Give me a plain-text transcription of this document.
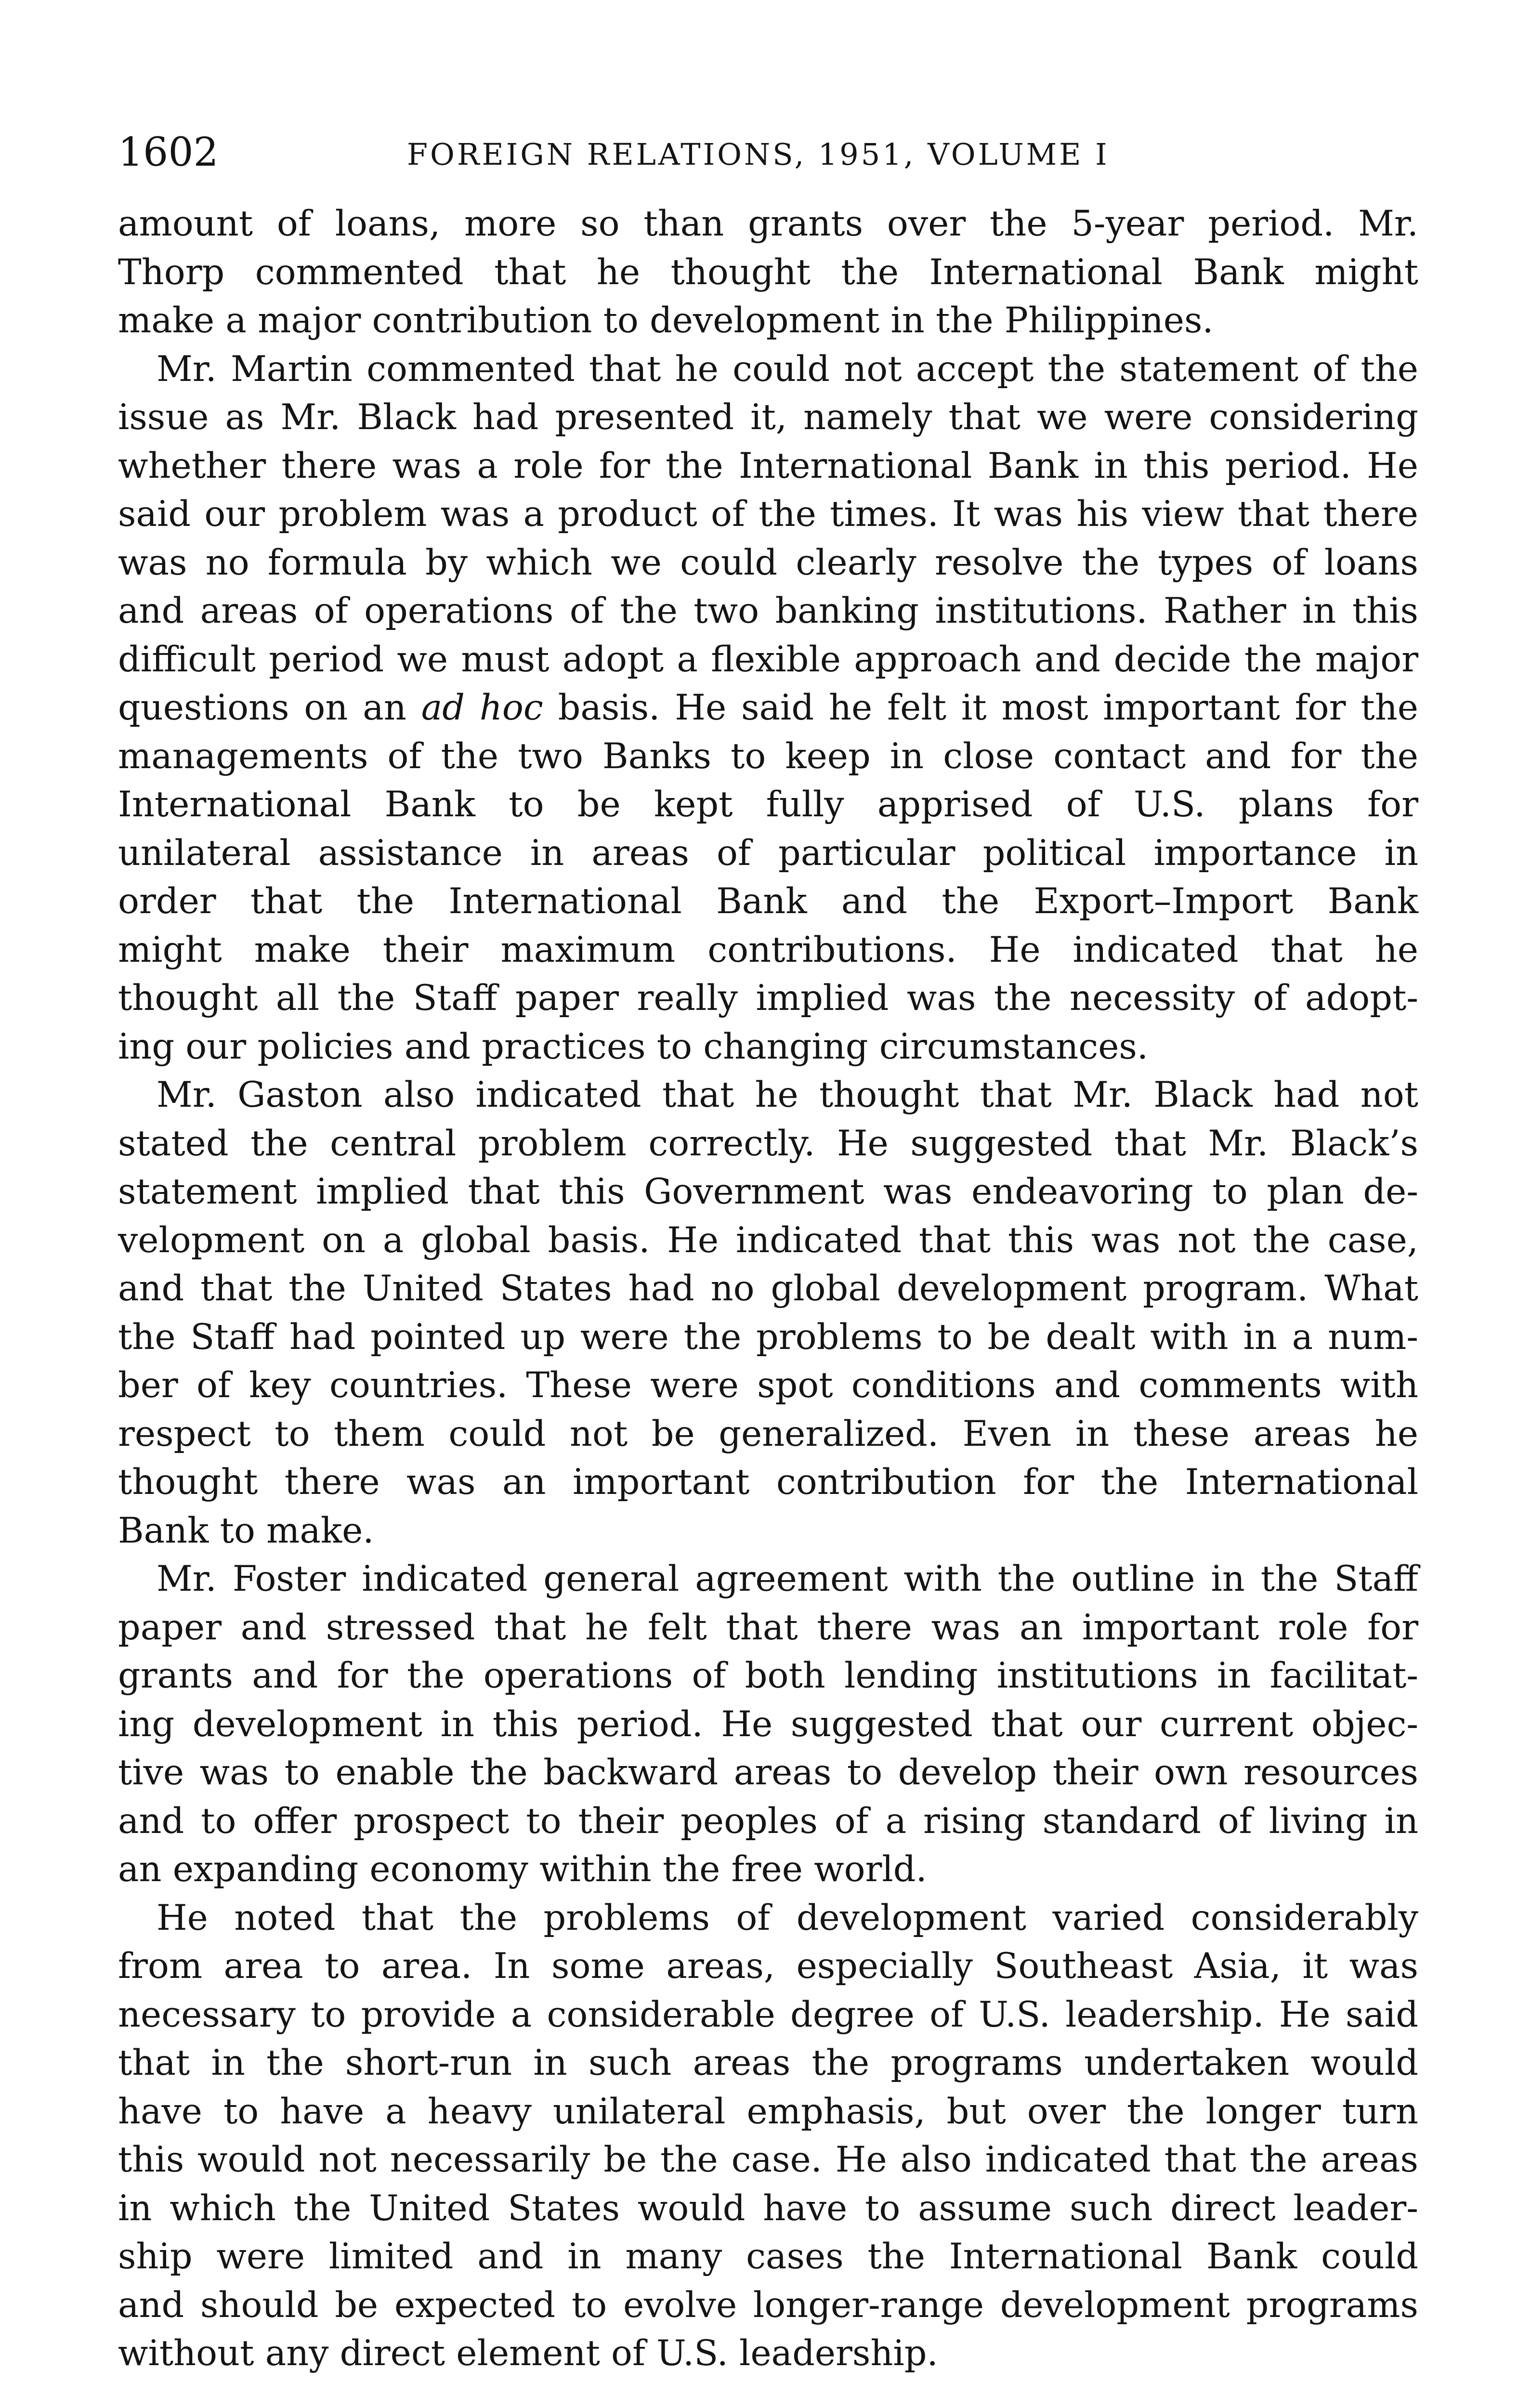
1602	FOREIGN RELATIONS, 1951, VOLUME I

amount of loans, more so than grants over the 5-year period. Mr.
Thorp commented that he thought the International Bank might
make a major contribution to development in the Philippines.

Mr. Martin commented that he could not accept the statement of the
issue as Mr. Black had presented it, namely that we were considering
whether there was a role for the International Bank in this period. He
said our problem was a product of the times. It was his view that there
was no formula by which we could clearly resolve the types of loans
and areas of operations of the two banking institutions. Rather in this
difficult period we must adopt a flexible approach and decide the major
questions on an ad hoc basis. He said he felt it most important for the
managements of the two Banks to keep in close contact and for the
International Bank to be kept fully apprised of U.S. plans for
unilateral assistance in areas of particular political importance in
order that the International Bank and the Export–Import Bank
might make their maximum contributions. He indicated that he
thought all the Staff paper really implied was the necessity of adopt-
ing our policies and practices to changing circumstances.

Mr. Gaston also indicated that he thought that Mr. Black had not
stated the central problem correctly. He suggested that Mr. Black’s
statement implied that this Government was endeavoring to plan de-
velopment on a global basis. He indicated that this was not the case,
and that the United States had no global development program. What
the Staff had pointed up were the problems to be dealt with in a num-
ber of key countries. These were spot conditions and comments with
respect to them could not be generalized. Even in these areas he
thought there was an important contribution for the International
Bank to make.

Mr. Foster indicated general agreement with the outline in the Staff
paper and stressed that he felt that there was an important role for
grants and for the operations of both lending institutions in facilitat-
ing development in this period. He suggested that our current objec-
tive was to enable the backward areas to develop their own resources
and to offer prospect to their peoples of a rising standard of living in
an expanding economy within the free world.

He noted that the problems of development varied considerably
from area to area. In some areas, especially Southeast Asia, it was
necessary to provide a considerable degree of U.S. leadership. He said
that in the short-run in such areas the programs undertaken would
have to have a heavy unilateral emphasis, but over the longer turn
this would not necessarily be the case. He also indicated that the areas
in which the United States would have to assume such direct leader-
ship were limited and in many cases the International Bank could
and should be expected to evolve longer-range development programs
without any direct element of U.S. leadership.
